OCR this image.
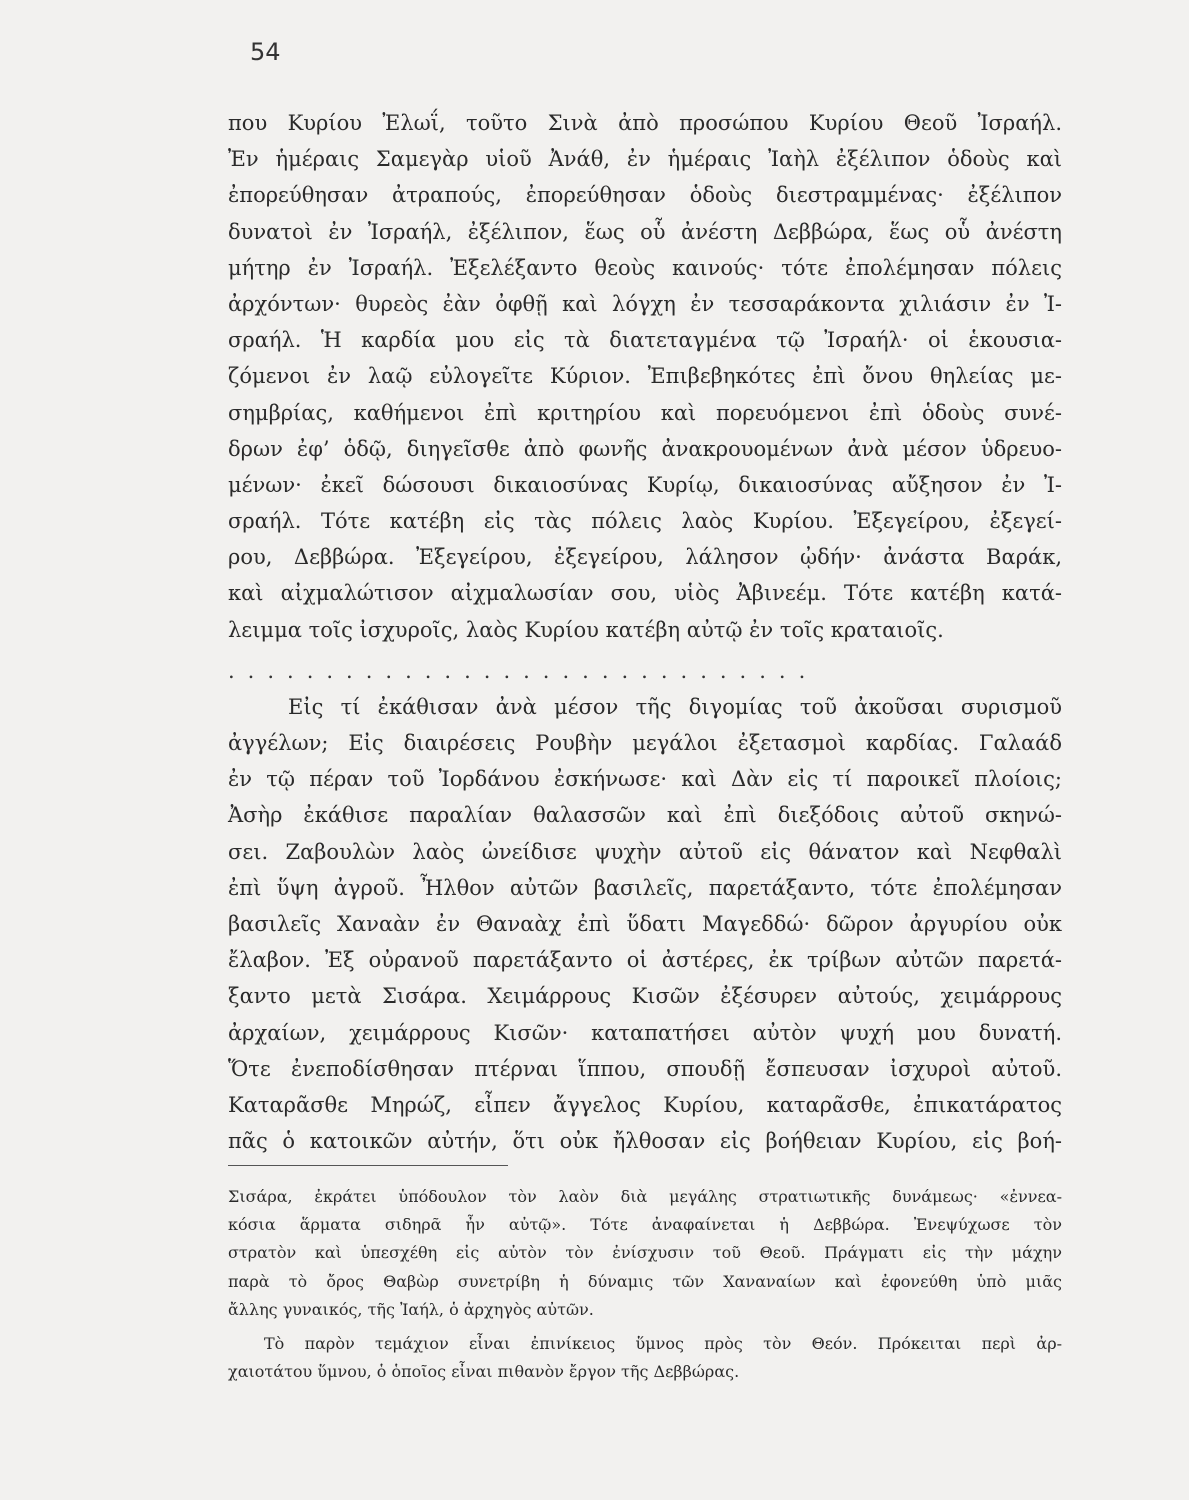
54
που Κυρίου Ἐλωΐ, τοῦτο Σινὰ ἀπὸ προσώπου Κυρίου Θεοῦ Ἰσραήλ.
Ἐν ἡμέραις Σαμεγὰρ υἱοῦ Ἀνάθ, ἐν ἡμέραις Ἰαὴλ ἐξέλιπον ὁδοὺς καὶ
ἐπορεύθησαν ἀτραπούς, ἐπορεύθησαν ὁδοὺς διεστραμμένας· ἐξέλιπον
δυνατοὶ ἐν Ἰσραήλ, ἐξέλιπον, ἕως οὗ ἀνέστη Δεββώρα, ἕως οὗ ἀνέστη
μήτηρ ἐν Ἰσραήλ. Ἐξελέξαντο θεοὺς καινούς· τότε ἐπολέμησαν πόλεις
ἀρχόντων· θυρεὸς ἐὰν ὀφθῇ καὶ λόγχη ἐν τεσσαράκοντα χιλιάσιν ἐν Ἰ-
σραήλ. Ἡ καρδία μου εἰς τὰ διατεταγμένα τῷ Ἰσραήλ· οἱ ἑκουσια-
ζόμενοι ἐν λαῷ εὐλογεῖτε Κύριον. Ἐπιβεβηκότες ἐπὶ ὄνου θηλείας με-
σημβρίας, καθήμενοι ἐπὶ κριτηρίου καὶ πορευόμενοι ἐπὶ ὁδοὺς συνέ-
δρων ἐφ’ ὁδῷ, διηγεῖσθε ἀπὸ φωνῆς ἀνακρουομένων ἀνὰ μέσον ὑδρευο-
μένων· ἐκεῖ δώσουσι δικαιοσύνας Κυρίῳ, δικαιοσύνας αὔξησον ἐν Ἰ-
σραήλ. Τότε κατέβη εἰς τὰς πόλεις λαὸς Κυρίου. Ἐξεγείρου, ἐξεγεί-
ρου, Δεββώρα. Ἐξεγείρου, ἐξεγείρου, λάλησον ᾠδήν· ἀνάστα Βαράκ,
καὶ αἰχμαλώτισον αἰχμαλωσίαν σου, υἱὸς Ἀβινεέμ. Τότε κατέβη κατά-
λειμμα τοῖς ἰσχυροῖς, λαὸς Κυρίου κατέβη αὐτῷ ἐν τοῖς κραταιοῖς.
..............................
Εἰς τί ἐκάθισαν ἀνὰ μέσον τῆς διγομίας τοῦ ἀκοῦσαι συρισμοῦ
ἀγγέλων; Εἰς διαιρέσεις Ρουβὴν μεγάλοι ἐξετασμοὶ καρδίας. Γαλαάδ
ἐν τῷ πέραν τοῦ Ἰορδάνου ἐσκήνωσε· καὶ Δὰν εἰς τί παροικεῖ πλοίοις;
Ἀσὴρ ἐκάθισε παραλίαν θαλασσῶν καὶ ἐπὶ διεξόδοις αὐτοῦ σκηνώ-
σει. Ζαβουλὼν λαὸς ὠνείδισε ψυχὴν αὐτοῦ εἰς θάνατον καὶ Νεφθαλὶ
ἐπὶ ὕψη ἀγροῦ. Ἦλθον αὐτῶν βασιλεῖς, παρετάξαντο, τότε ἐπολέμησαν
βασιλεῖς Χαναὰν ἐν Θαναὰχ ἐπὶ ὕδατι Μαγεδδώ· δῶρον ἀργυρίου οὐκ
ἔλαβον. Ἐξ οὐρανοῦ παρετάξαντο οἱ ἀστέρες, ἐκ τρίβων αὐτῶν παρετά-
ξαντο μετὰ Σισάρα. Χειμάρρους Κισῶν ἐξέσυρεν αὐτούς, χειμάρρους
ἀρχαίων, χειμάρρους Κισῶν· καταπατήσει αὐτὸν ψυχή μου δυνατή.
Ὅτε ἐνεποδίσθησαν πτέρναι ἵππου, σπουδῇ ἔσπευσαν ἰσχυροὶ αὐτοῦ.
Καταρᾶσθε Μηρώζ, εἶπεν ἄγγελος Κυρίου, καταρᾶσθε, ἐπικατάρατος
πᾶς ὁ κατοικῶν αὐτήν, ὅτι οὐκ ἤλθοσαν εἰς βοήθειαν Κυρίου, εἰς βοή-
Σισάρα, ἐκράτει ὑπόδουλον τὸν λαὸν διὰ μεγάλης στρατιωτικῆς δυνάμεως· «ἐννεα-
κόσια ἅρματα σιδηρᾶ ἦν αὐτῷ». Τότε ἀναφαίνεται ἡ Δεββώρα. Ἐνεψύχωσε τὸν
στρατὸν καὶ ὑπεσχέθη εἰς αὐτὸν τὸν ἐνίσχυσιν τοῦ Θεοῦ. Πράγματι εἰς τὴν μάχην
παρὰ τὸ ὄρος Θαβὼρ συνετρίβη ἡ δύναμις τῶν Χαναναίων καὶ ἐφονεύθη ὑπὸ μιᾶς
ἄλλης γυναικός, τῆς Ἰαήλ, ὁ ἀρχηγὸς αὐτῶν.
Τὸ παρὸν τεμάχιον εἶναι ἐπινίκειος ὕμνος πρὸς τὸν Θεόν. Πρόκειται περὶ ἀρ-
χαιοτάτου ὕμνου, ὁ ὁποῖος εἶναι πιθανὸν ἔργον τῆς Δεββώρας.
